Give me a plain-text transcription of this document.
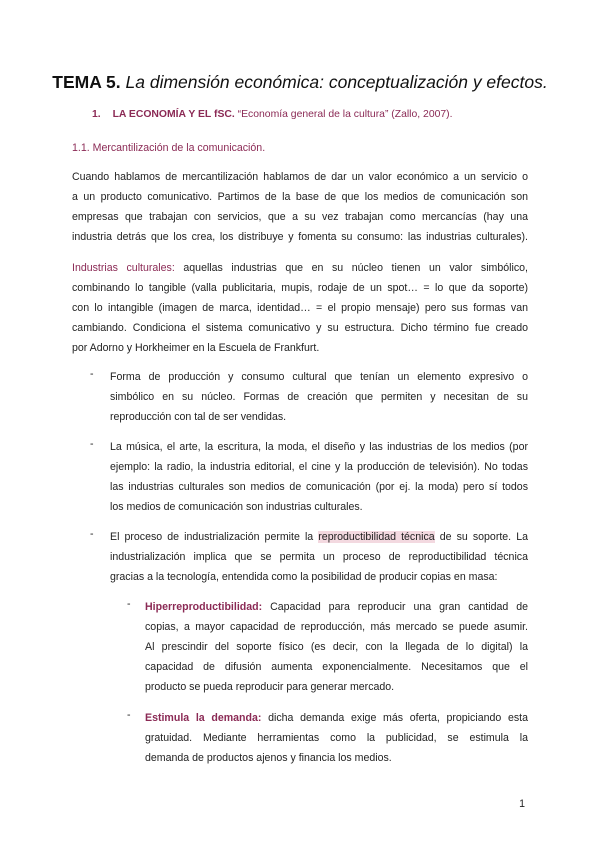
TEMA 5. La dimensión económica: conceptualización y efectos.
1. LA ECONOMÍA Y EL fSC. “Economía general de la cultura” (Zallo, 2007).
1.1. Mercantilización de la comunicación.
Cuando hablamos de mercantilización hablamos de dar un valor económico a un servicio o
a un producto comunicativo. Partimos de la base de que los medios de comunicación son
empresas que trabajan con servicios, que a su vez trabajan como mercancías (hay una
industria detrás que los crea, los distribuye y fomenta su consumo: las industrias culturales).
Industrias culturales: aquellas industrias que en su núcleo tienen un valor simbólico,
combinando lo tangible (valla publicitaria, mupis, rodaje de un spot… = lo que da soporte)
con lo intangible (imagen de marca, identidad… = el propio mensaje) pero sus formas van
cambiando. Condiciona el sistema comunicativo y su estructura. Dicho término fue creado
por Adorno y Horkheimer en la Escuela de Frankfurt.
- Forma de producción y consumo cultural que tenían un elemento expresivo o
simbólico en su núcleo. Formas de creación que permiten y necesitan de su
reproducción con tal de ser vendidas.
- La música, el arte, la escritura, la moda, el diseño y las industrias de los medios (por
ejemplo: la radio, la industria editorial, el cine y la producción de televisión). No todas
las industrias culturales son medios de comunicación (por ej. la moda) pero sí todos
los medios de comunicación son industrias culturales.
- El proceso de industrialización permite la reproductibilidad técnica de su soporte. La
industrialización implica que se permita un proceso de reproductibilidad técnica
gracias a la tecnología, entendida como la posibilidad de producir copias en masa:
- Hiperreproductibilidad: Capacidad para reproducir una gran cantidad de
copias, a mayor capacidad de reproducción, más mercado se puede asumir.
Al prescindir del soporte físico (es decir, con la llegada de lo digital) la
capacidad de difusión aumenta exponencialmente. Necesitamos que el
producto se pueda reproducir para generar mercado.
- Estimula la demanda: dicha demanda exige más oferta, propiciando esta
gratuidad. Mediante herramientas como la publicidad, se estimula la
demanda de productos ajenos y financia los medios.
1
